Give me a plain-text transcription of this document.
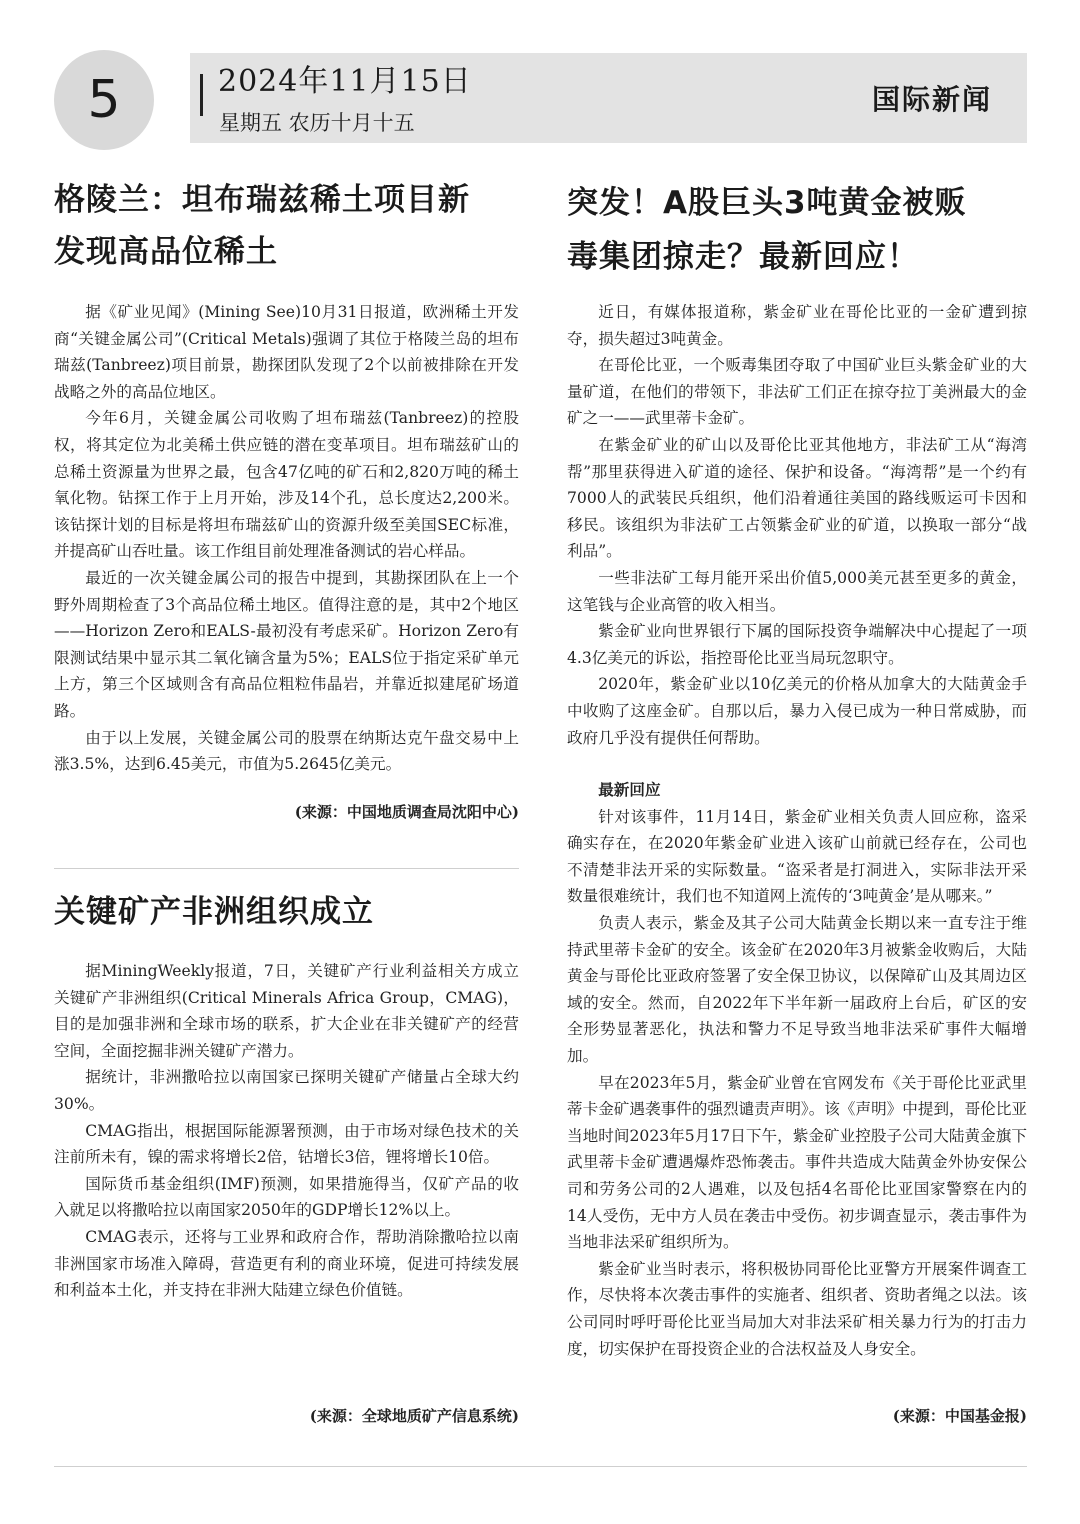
5	2024年11月15日
星期五 农历十月十五
国际新闻
格陵兰：坦布瑞兹稀土项目新
发现高品位稀土

据《矿业见闻》(Mining See)10月31日报道，欧洲稀土开发商“关键金属公司”(Critical Metals)强调了其位于格陵兰岛的坦布瑞兹(Tanbreez)项目前景，勘探团队发现了2个以前被排除在开发战略之外的高品位地区。

今年6月，关键金属公司收购了坦布瑞兹(Tanbreez)的控股权，将其定位为北美稀土供应链的潜在变革项目。坦布瑞兹矿山的总稀土资源量为世界之最，包含47亿吨的矿石和2,820万吨的稀土氧化物。钻探工作于上月开始，涉及14个孔，总长度达2,200米。该钻探计划的目标是将坦布瑞兹矿山的资源升级至美国SEC标准，并提高矿山吞吐量。该工作组目前处理准备测试的岩心样品。

最近的一次关键金属公司的报告中提到，其勘探团队在上一个野外周期检查了3个高品位稀土地区。值得注意的是，其中2个地区——Horizon Zero和EALS-最初没有考虑采矿。Horizon Zero有限测试结果中显示其二氧化镝含量为5%；EALS位于指定采矿单元上方，第三个区域则含有高品位粗粒伟晶岩，并靠近拟建尾矿场道路。

由于以上发展，关键金属公司的股票在纳斯达克午盘交易中上涨3.5%，达到6.45美元，市值为5.2645亿美元。

(来源：中国地质调查局沈阳中心)
关键矿产非洲组织成立

据MiningWeekly报道，7日，关键矿产行业利益相关方成立关键矿产非洲组织(Critical Minerals Africa Group，CMAG)，目的是加强非洲和全球市场的联系，扩大企业在非关键矿产的经营空间，全面挖掘非洲关键矿产潜力。

据统计，非洲撒哈拉以南国家已探明关键矿产储量占全球大约30%。

CMAG指出，根据国际能源署预测，由于市场对绿色技术的关注前所未有，镍的需求将增长2倍，钴增长3倍，锂将增长10倍。

国际货币基金组织(IMF)预测，如果措施得当，仅矿产品的收入就足以将撒哈拉以南国家2050年的GDP增长12%以上。

CMAG表示，还将与工业界和政府合作，帮助消除撒哈拉以南非洲国家市场准入障碍，营造更有利的商业环境，促进可持续发展和利益本土化，并支持在非洲大陆建立绿色价值链。

(来源：全球地质矿产信息系统)
突发！A股巨头3吨黄金被贩
毒集团掠走？最新回应！

近日，有媒体报道称，紫金矿业在哥伦比亚的一金矿遭到掠夺，损失超过3吨黄金。

在哥伦比亚，一个贩毒集团夺取了中国矿业巨头紫金矿业的大量矿道，在他们的带领下，非法矿工们正在掠夺拉丁美洲最大的金矿之一——武里蒂卡金矿。

在紫金矿业的矿山以及哥伦比亚其他地方，非法矿工从“海湾帮”那里获得进入矿道的途径、保护和设备。“海湾帮”是一个约有7000人的武装民兵组织，他们沿着通往美国的路线贩运可卡因和移民。该组织为非法矿工占领紫金矿业的矿道，以换取一部分“战利品”。

一些非法矿工每月能开采出价值5,000美元甚至更多的黄金，这笔钱与企业高管的收入相当。

紫金矿业向世界银行下属的国际投资争端解决中心提起了一项4.3亿美元的诉讼，指控哥伦比亚当局玩忽职守。

2020年，紫金矿业以10亿美元的价格从加拿大的大陆黄金手中收购了这座金矿。自那以后，暴力入侵已成为一种日常威胁，而政府几乎没有提供任何帮助。

最新回应

针对该事件，11月14日，紫金矿业相关负责人回应称，盗采确实存在，在2020年紫金矿业进入该矿山前就已经存在，公司也不清楚非法开采的实际数量。“盗采者是打洞进入，实际非法开采数量很难统计，我们也不知道网上流传的‘3吨黄金’是从哪来。”

负责人表示，紫金及其子公司大陆黄金长期以来一直专注于维持武里蒂卡金矿的安全。该金矿在2020年3月被紫金收购后，大陆黄金与哥伦比亚政府签署了安全保卫协议，以保障矿山及其周边区域的安全。然而，自2022年下半年新一届政府上台后，矿区的安全形势显著恶化，执法和警力不足导致当地非法采矿事件大幅增加。

早在2023年5月，紫金矿业曾在官网发布《关于哥伦比亚武里蒂卡金矿遇袭事件的强烈谴责声明》。该《声明》中提到，哥伦比亚当地时间2023年5月17日下午，紫金矿业控股子公司大陆黄金旗下武里蒂卡金矿遭遇爆炸恐怖袭击。事件共造成大陆黄金外协安保公司和劳务公司的2人遇难，以及包括4名哥伦比亚国家警察在内的14人受伤，无中方人员在袭击中受伤。初步调查显示，袭击事件为当地非法采矿组织所为。

紫金矿业当时表示，将积极协同哥伦比亚警方开展案件调查工作，尽快将本次袭击事件的实施者、组织者、资助者绳之以法。该公司同时呼吁哥伦比亚当局加大对非法采矿相关暴力行为的打击力度，切实保护在哥投资企业的合法权益及人身安全。

(来源：中国基金报)
